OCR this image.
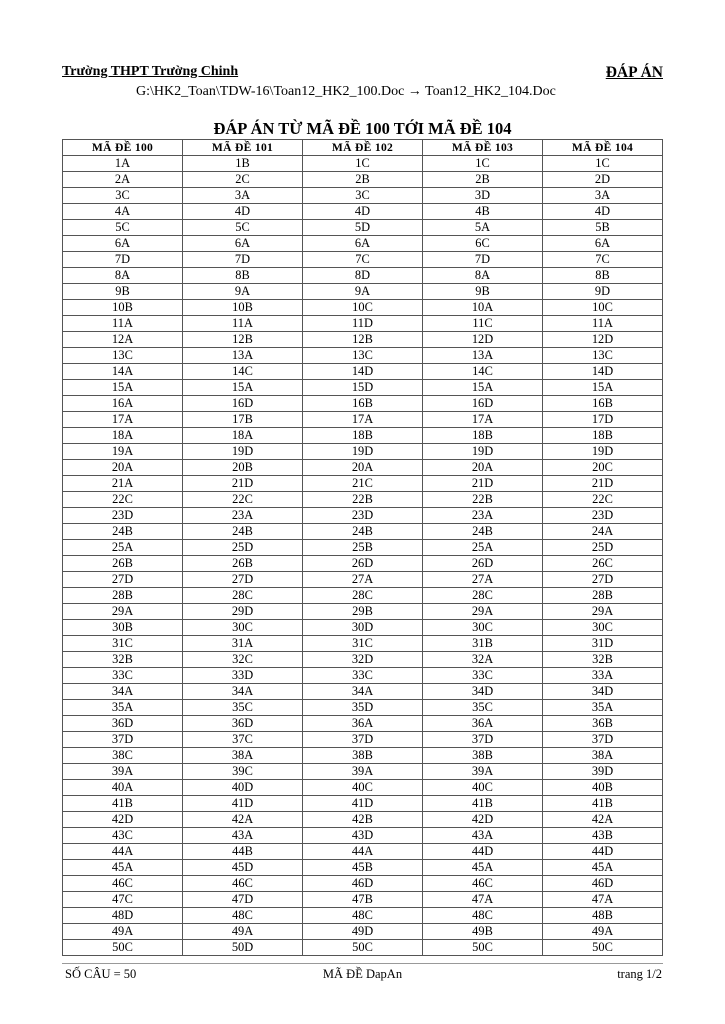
Trường THPT Trường Chinh	ĐÁP ÁN
G:\HK2_Toan\TDW-16\Toan12_HK2_100.Doc → Toan12_HK2_104.Doc
ĐÁP ÁN TỪ MÃ ĐỀ 100 TỚI MÃ ĐỀ 104
MÃ ĐỀ 100	MÃ ĐỀ 101	MÃ ĐỀ 102	MÃ ĐỀ 103	MÃ ĐỀ 104
1A	1B	1C	1C	1C
2A	2C	2B	2B	2D
3C	3A	3C	3D	3A
4A	4D	4D	4B	4D
5C	5C	5D	5A	5B
6A	6A	6A	6C	6A
7D	7D	7C	7D	7C
8A	8B	8D	8A	8B
9B	9A	9A	9B	9D
10B	10B	10C	10A	10C
11A	11A	11D	11C	11A
12A	12B	12B	12D	12D
13C	13A	13C	13A	13C
14A	14C	14D	14C	14D
15A	15A	15D	15A	15A
16A	16D	16B	16D	16B
17A	17B	17A	17A	17D
18A	18A	18B	18B	18B
19A	19D	19D	19D	19D
20A	20B	20A	20A	20C
21A	21D	21C	21D	21D
22C	22C	22B	22B	22C
23D	23A	23D	23A	23D
24B	24B	24B	24B	24A
25A	25D	25B	25A	25D
26B	26B	26D	26D	26C
27D	27D	27A	27A	27D
28B	28C	28C	28C	28B
29A	29D	29B	29A	29A
30B	30C	30D	30C	30C
31C	31A	31C	31B	31D
32B	32C	32D	32A	32B
33C	33D	33C	33C	33A
34A	34A	34A	34D	34D
35A	35C	35D	35C	35A
36D	36D	36A	36A	36B
37D	37C	37D	37D	37D
38C	38A	38B	38B	38A
39A	39C	39A	39A	39D
40A	40D	40C	40C	40B
41B	41D	41D	41B	41B
42D	42A	42B	42D	42A
43C	43A	43D	43A	43B
44A	44B	44A	44D	44D
45A	45D	45B	45A	45A
46C	46C	46D	46C	46D
47C	47D	47B	47A	47A
48D	48C	48C	48C	48B
49A	49A	49D	49B	49A
50C	50D	50C	50C	50C
SỐ CÂU = 50	MÃ ĐỀ DapAn	trang 1/2
